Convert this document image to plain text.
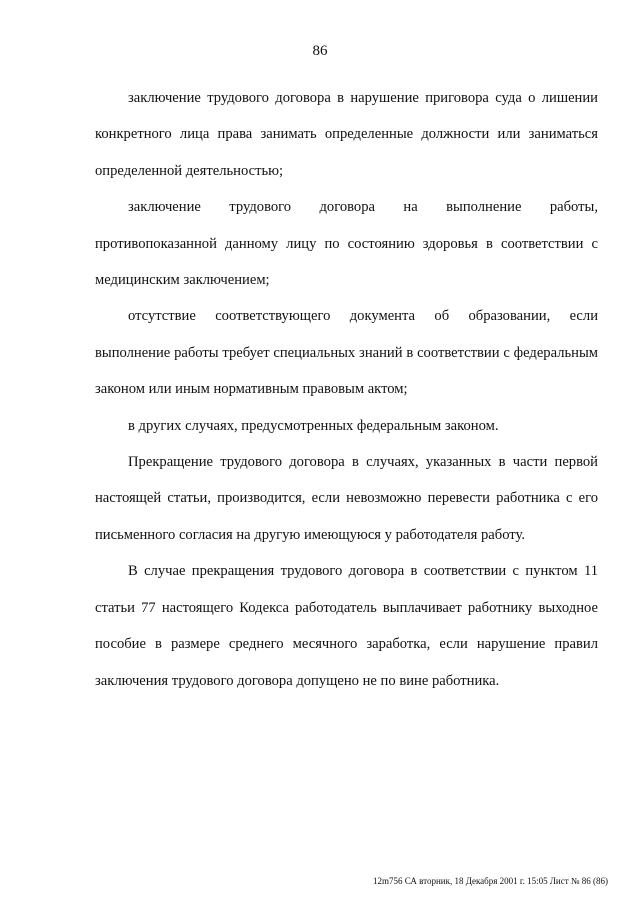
86

заключение трудового договора в нарушение приговора суда о лишении конкретного лица права занимать определенные должности или заниматься определенной деятельностью;

заключение трудового договора на выполнение работы, противопоказанной данному лицу по состоянию здоровья в соответствии с медицинским заключением;

отсутствие соответствующего документа об образовании, если выполнение работы требует специальных знаний в соответствии с федеральным законом или иным нормативным правовым актом;

в других случаях, предусмотренных федеральным законом.

Прекращение трудового договора в случаях, указанных в части первой настоящей статьи, производится, если невозможно перевести работника с его письменного согласия на другую имеющуюся у работодателя работу.

В случае прекращения трудового договора в соответствии с пунктом 11 статьи 77 настоящего Кодекса работодатель выплачивает работнику выходное пособие в размере среднего месячного заработка, если нарушение правил заключения трудового договора допущено не по вине работника.

12m756 СА вторник, 18 Декабря 2001 г. 15:05 Лист № 86 (86)
